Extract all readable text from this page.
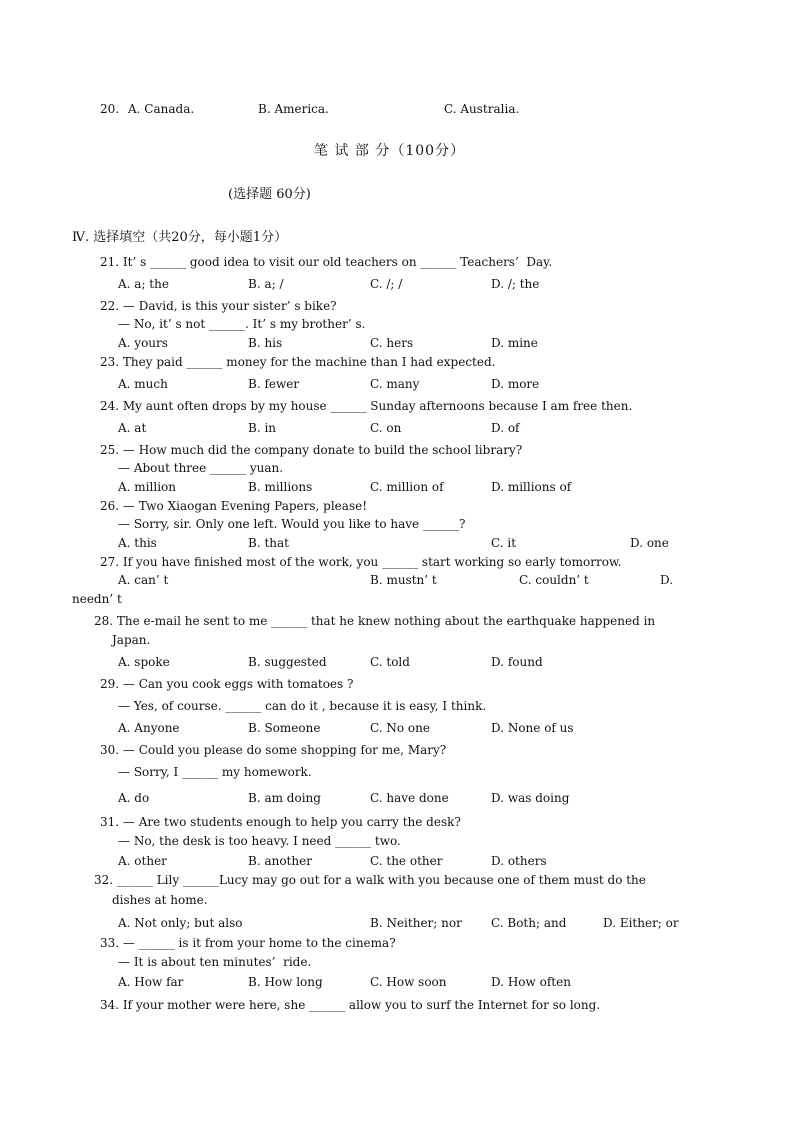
20. A. Canada.	B. America.	C. Australia.
笔 试 部 分（100分）
(选择题 60分)
Ⅳ. 选择填空（共20分，每小题1分）
21. It’ s ______ good idea to visit our old teachers on ______ Teachers’  Day.
A. a; the	B. a; /	C. /; /	D. /; the
22. — David, is this your sister’ s bike?
— No, it’ s not ______. It’ s my brother’ s.
A. yours	B. his	C. hers	D. mine
23. They paid ______ money for the machine than I had expected.
A. much	B. fewer	C. many	D. more
24. My aunt often drops by my house ______ Sunday afternoons because I am free then.
A. at	B. in	C. on	D. of
25. — How much did the company donate to build the school library?
— About three ______ yuan.
A. million	B. millions	C. million of	D. millions of
26. — Two Xiaogan Evening Papers, please!
— Sorry, sir. Only one left. Would you like to have ______?
A. this	B. that	C. it	D. one
27. If you have finished most of the work, you ______ start working so early tomorrow.
A. can’ t	B. mustn’ t	C. couldn’ t	D.
needn’ t
28. The e-mail he sent to me ______ that he knew nothing about the earthquake happened in
Japan.
A. spoke	B. suggested	C. told	D. found
29. — Can you cook eggs with tomatoes ?
— Yes, of course. ______ can do it , because it is easy, I think.
A. Anyone	B. Someone	C. No one	D. None of us
30. — Could you please do some shopping for me, Mary?
— Sorry, I ______ my homework.
A. do	B. am doing	C. have done	D. was doing
31. — Are two students enough to help you carry the desk?
— No, the desk is too heavy. I need ______ two.
A. other	B. another	C. the other	D. others
32. ______ Lily ______Lucy may go out for a walk with you because one of them must do the
dishes at home.
A. Not only; but also	B. Neither; nor C. Both; and	D. Either; or
33. — ______ is it from your home to the cinema?
— It is about ten minutes’  ride.
A. How far	B. How long	C. How soon	D. How often
34. If your mother were here, she ______ allow you to surf the Internet for so long.
